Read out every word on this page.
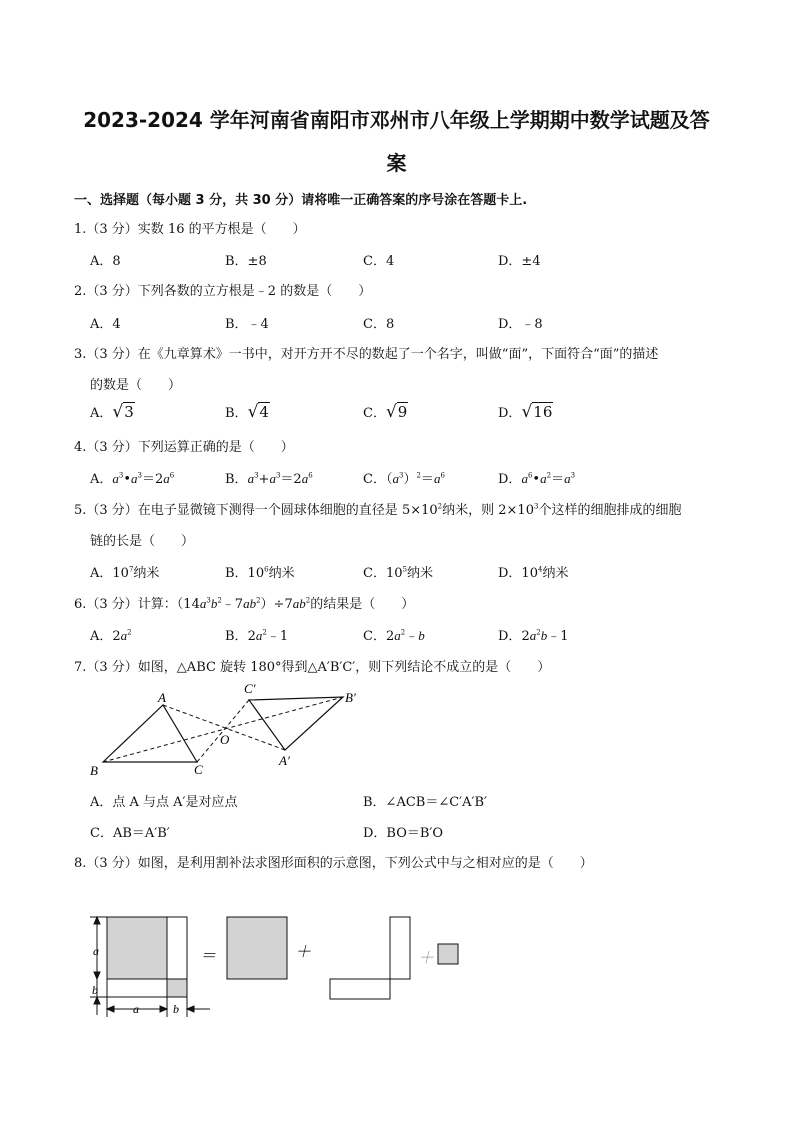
2023-2024 学年河南省南阳市邓州市八年级上学期期中数学试题及答
案
一、选择题（每小题 3 分，共 30 分）请将唯一正确答案的序号涂在答题卡上.
1.（3 分）实数 16 的平方根是（　　）
A．8	B．±8	C．4	D．±4
2.（3 分）下列各数的立方根是﹣2 的数是（　　）
A．4	B．﹣4	C．8	D．﹣8
3.（3 分）在《九章算术》一书中，对开方开不尽的数起了一个名字，叫做“面”，下面符合“面”的描述
的数是（　　）
A．√3	B．√4	C．√9	D．√16
4.（3 分）下列运算正确的是（　　）
A．$a^3•a^3=2a^6$	B．$a^3+a^3=2a^6$	C．$(a^3)^2=a^6$	D．$a^6•a^2=a^3$
5.（3 分）在电子显微镜下测得一个圆球体细胞的直径是 $5\times 10^2$纳米，则 $2\times 10^3$个这样的细胞排成的细胞
链的长是（　　）
A．$10^7$纳米	B．$10^6$纳米	C．$10^5$纳米	D．$10^4$纳米
6.（3 分）计算：$(14a^3b^2﹣7ab^2)\div 7ab^2$的结果是（　　）
A．$2a^2$	B．$2a^2﹣1$	C．$2a^2﹣b$	D．$2a^2b﹣1$
7.（3 分）如图，△ABC 旋转 180°得到△A′B′C′，则下列结论不成立的是（　　）
A
B	C
O
A′
B′
C′
A．点 A 与点 A′是对应点	B．∠ACB＝∠C′A′B′
C．AB＝A′B′	D．BO＝B′O
8.（3 分）如图，是利用割补法求图形面积的示意图，下列公式中与之相对应的是（　　）
a
b
a	b
＝	＋	＋
